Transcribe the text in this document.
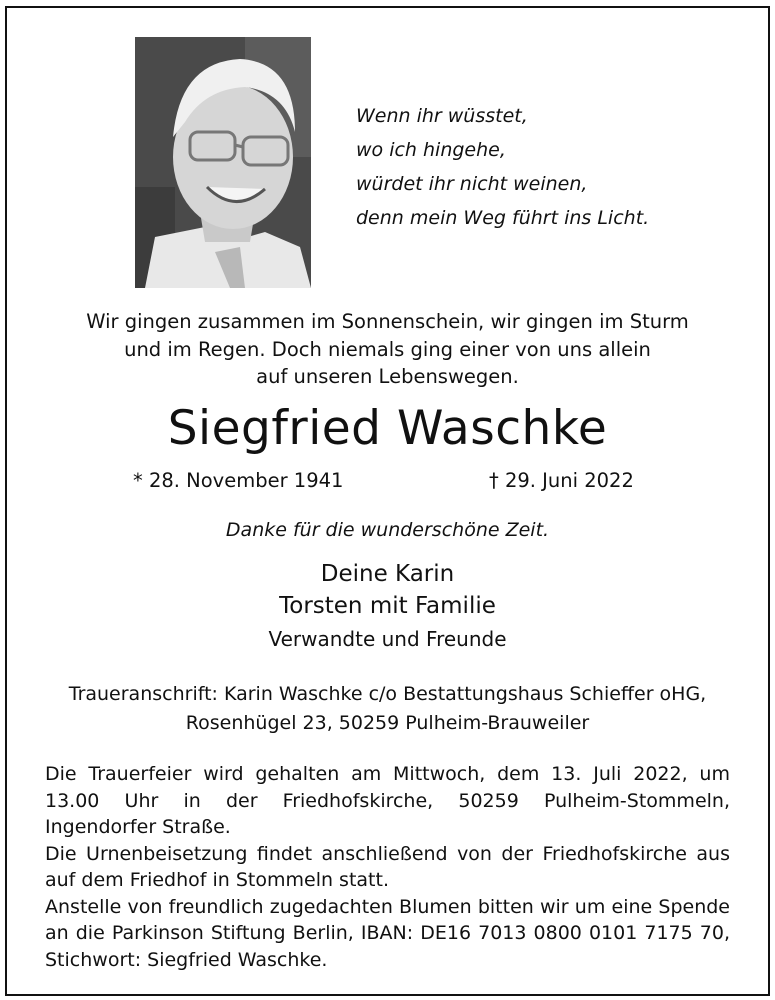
Wenn ihr wüsstet,
wo ich hingehe,
würdet ihr nicht weinen,
denn mein Weg führt ins Licht.
Wir gingen zusammen im Sonnenschein, wir gingen im Sturm
und im Regen. Doch niemals ging einer von uns allein
auf unseren Lebenswegen.
Siegfried Waschke
* 28. November 1941	† 29. Juni 2022
Danke für die wunderschöne Zeit.
Deine Karin
Torsten mit Familie
Verwandte und Freunde
Traueranschrift: Karin Waschke c/o Bestattungshaus Schieffer oHG,
Rosenhügel 23, 50259 Pulheim-Brauweiler

Die Trauerfeier wird gehalten am Mittwoch, dem 13. Juli 2022, um 13.00 Uhr in der Friedhofskirche, 50259 Pulheim-Stommeln, Ingendorfer Straße.

Die Urnenbeisetzung findet anschließend von der Friedhofskirche aus auf dem Friedhof in Stommeln statt.

Anstelle von freundlich zugedachten Blumen bitten wir um eine Spende an die Parkinson Stiftung Berlin, IBAN: DE16 7013 0800 0101 7175 70, Stichwort: Siegfried Waschke.
